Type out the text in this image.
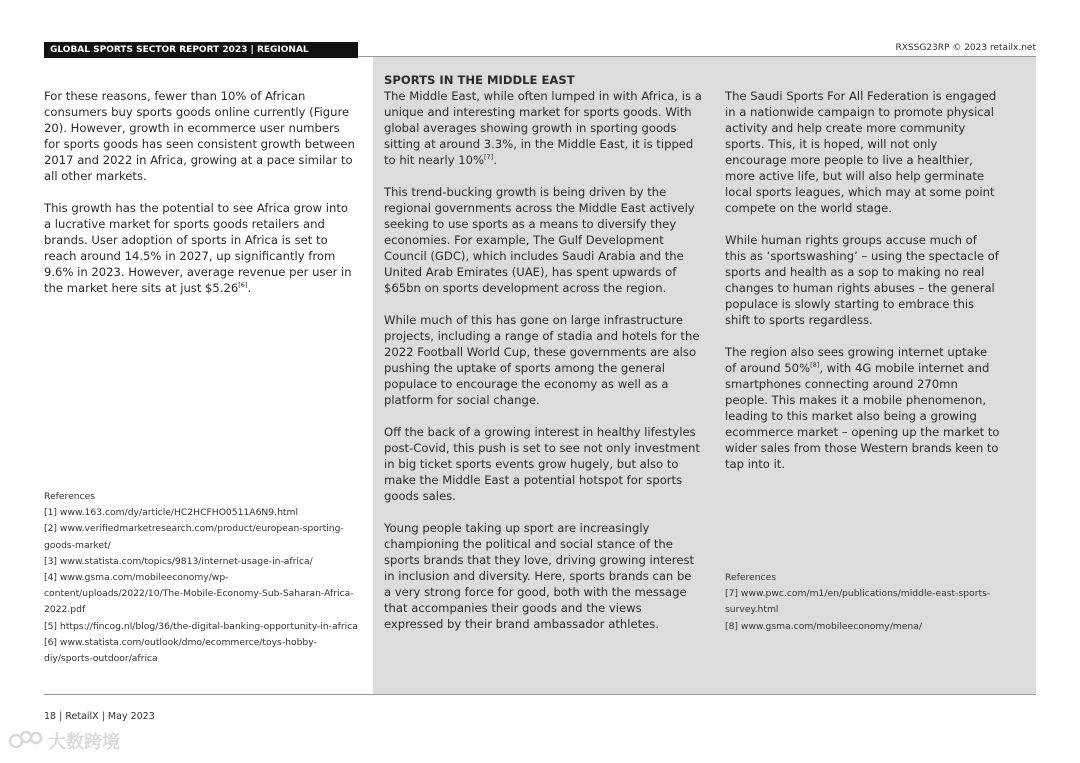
GLOBAL SPORTS SECTOR REPORT 2023 | REGIONAL OVERVIEW
RXSSG23RP © 2023 retailx.net

For these reasons, fewer than 10% of African consumers buy sports goods online currently (Figure 20). However, growth in ecommerce user numbers for sports goods has seen consistent growth between 2017 and 2022 in Africa, growing at a pace similar to all other markets.

This growth has the potential to see Africa grow into a lucrative market for sports goods retailers and brands. User adoption of sports in Africa is set to reach around 14.5% in 2027, up significantly from 9.6% in 2023. However, average revenue per user in the market here sits at just $5.26[6].

References
[1] www.163.com/dy/article/HC2HCFHO0511A6N9.html
[2] www.verifiedmarketresearch.com/product/european-sporting-goods-market/
[3] www.statista.com/topics/9813/internet-usage-in-africa/
[4] www.gsma.com/mobileeconomy/wp-content/uploads/2022/10/The-Mobile-Economy-Sub-Saharan-Africa-2022.pdf
[5] https://fincog.nl/blog/36/the-digital-banking-opportunity-in-africa
[6] www.statista.com/outlook/dmo/ecommerce/toys-hobby-diy/sports-outdoor/africa
SPORTS IN THE MIDDLE EAST

The Middle East, while often lumped in with Africa, is a unique and interesting market for sports goods. With global averages showing growth in sporting goods sitting at around 3.3%, in the Middle East, it is tipped to hit nearly 10%[7].

This trend-bucking growth is being driven by the regional governments across the Middle East actively seeking to use sports as a means to diversify they economies. For example, The Gulf Development Council (GDC), which includes Saudi Arabia and the United Arab Emirates (UAE), has spent upwards of $65bn on sports development across the region.

While much of this has gone on large infrastructure projects, including a range of stadia and hotels for the 2022 Football World Cup, these governments are also pushing the uptake of sports among the general populace to encourage the economy as well as a platform for social change.

Off the back of a growing interest in healthy lifestyles post-Covid, this push is set to see not only investment in big ticket sports events grow hugely, but also to make the Middle East a potential hotspot for sports goods sales.

Young people taking up sport are increasingly championing the political and social stance of the sports brands that they love, driving growing interest in inclusion and diversity. Here, sports brands can be a very strong force for good, both with the message that accompanies their goods and the views expressed by their brand ambassador athletes.

The Saudi Sports For All Federation is engaged in a nationwide campaign to promote physical activity and help create more community sports. This, it is hoped, will not only encourage more people to live a healthier, more active life, but will also help germinate local sports leagues, which may at some point compete on the world stage.

While human rights groups accuse much of this as ‘sportswashing’ – using the spectacle of sports and health as a sop to making no real changes to human rights abuses – the general populace is slowly starting to embrace this shift to sports regardless.

The region also sees growing internet uptake of around 50%[8], with 4G mobile internet and smartphones connecting around 270mn people. This makes it a mobile phenomenon, leading to this market also being a growing ecommerce market – opening up the market to wider sales from those Western brands keen to tap into it.

References
[7] www.pwc.com/m1/en/publications/middle-east-sports-survey.html
[8] www.gsma.com/mobileeconomy/mena/
18 | RetailX | May 2023
大数跨境
